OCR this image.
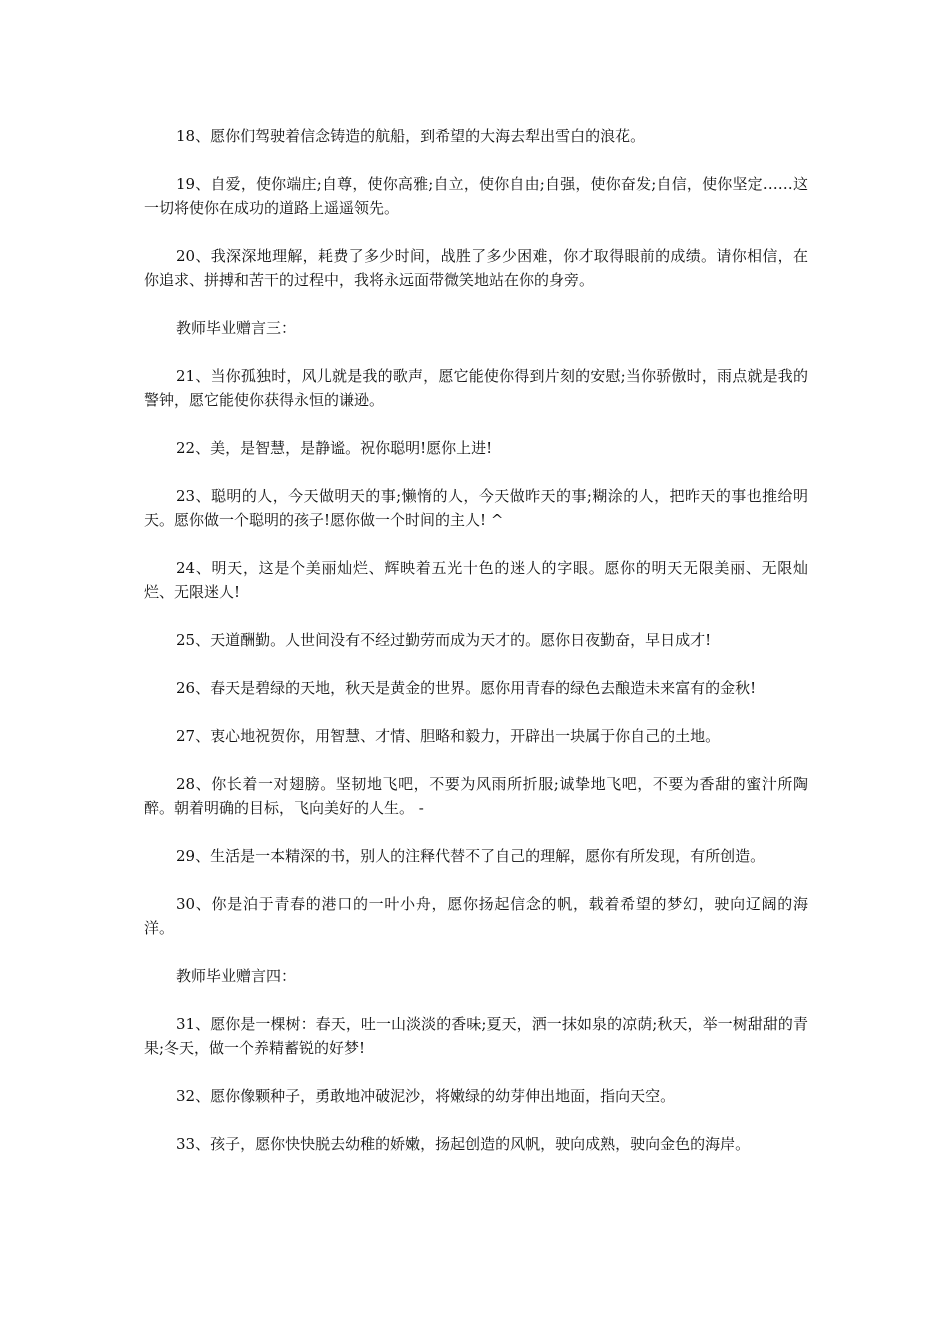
18、愿你们驾驶着信念铸造的航船，到希望的大海去犁出雪白的浪花。

19、自爱，使你端庄;自尊，使你高雅;自立，使你自由;自强，使你奋发;自信，使你坚定……这一切将使你在成功的道路上遥遥领先。

20、我深深地理解，耗费了多少时间，战胜了多少困难，你才取得眼前的成绩。请你相信，在你追求、拼搏和苦干的过程中，我将永远面带微笑地站在你的身旁。

教师毕业赠言三：

21、当你孤独时，风儿就是我的歌声，愿它能使你得到片刻的安慰;当你骄傲时，雨点就是我的警钟，愿它能使你获得永恒的谦逊。

22、美，是智慧，是静谧。祝你聪明!愿你上进!

23、聪明的人，今天做明天的事;懒惰的人，今天做昨天的事;糊涂的人，把昨天的事也推给明天。愿你做一个聪明的孩子!愿你做一个时间的主人! ^

24、明天，这是个美丽灿烂、辉映着五光十色的迷人的字眼。愿你的明天无限美丽、无限灿烂、无限迷人!

25、天道酬勤。人世间没有不经过勤劳而成为天才的。愿你日夜勤奋，早日成才!

26、春天是碧绿的天地，秋天是黄金的世界。愿你用青春的绿色去酿造未来富有的金秋!

27、衷心地祝贺你，用智慧、才情、胆略和毅力，开辟出一块属于你自己的土地。

28、你长着一对翅膀。坚韧地飞吧，不要为风雨所折服;诚挚地飞吧，不要为香甜的蜜汁所陶醉。朝着明确的目标，飞向美好的人生。 -

29、生活是一本精深的书，别人的注释代替不了自己的理解，愿你有所发现，有所创造。

30、你是泊于青春的港口的一叶小舟，愿你扬起信念的帆，载着希望的梦幻，驶向辽阔的海洋。

教师毕业赠言四：

31、愿你是一棵树：春天，吐一山淡淡的香味;夏天，洒一抹如泉的凉荫;秋天，举一树甜甜的青果;冬天，做一个养精蓄锐的好梦!

32、愿你像颗种子，勇敢地冲破泥沙，将嫩绿的幼芽伸出地面，指向天空。

33、孩子，愿你快快脱去幼稚的娇嫩，扬起创造的风帆，驶向成熟，驶向金色的海岸。
